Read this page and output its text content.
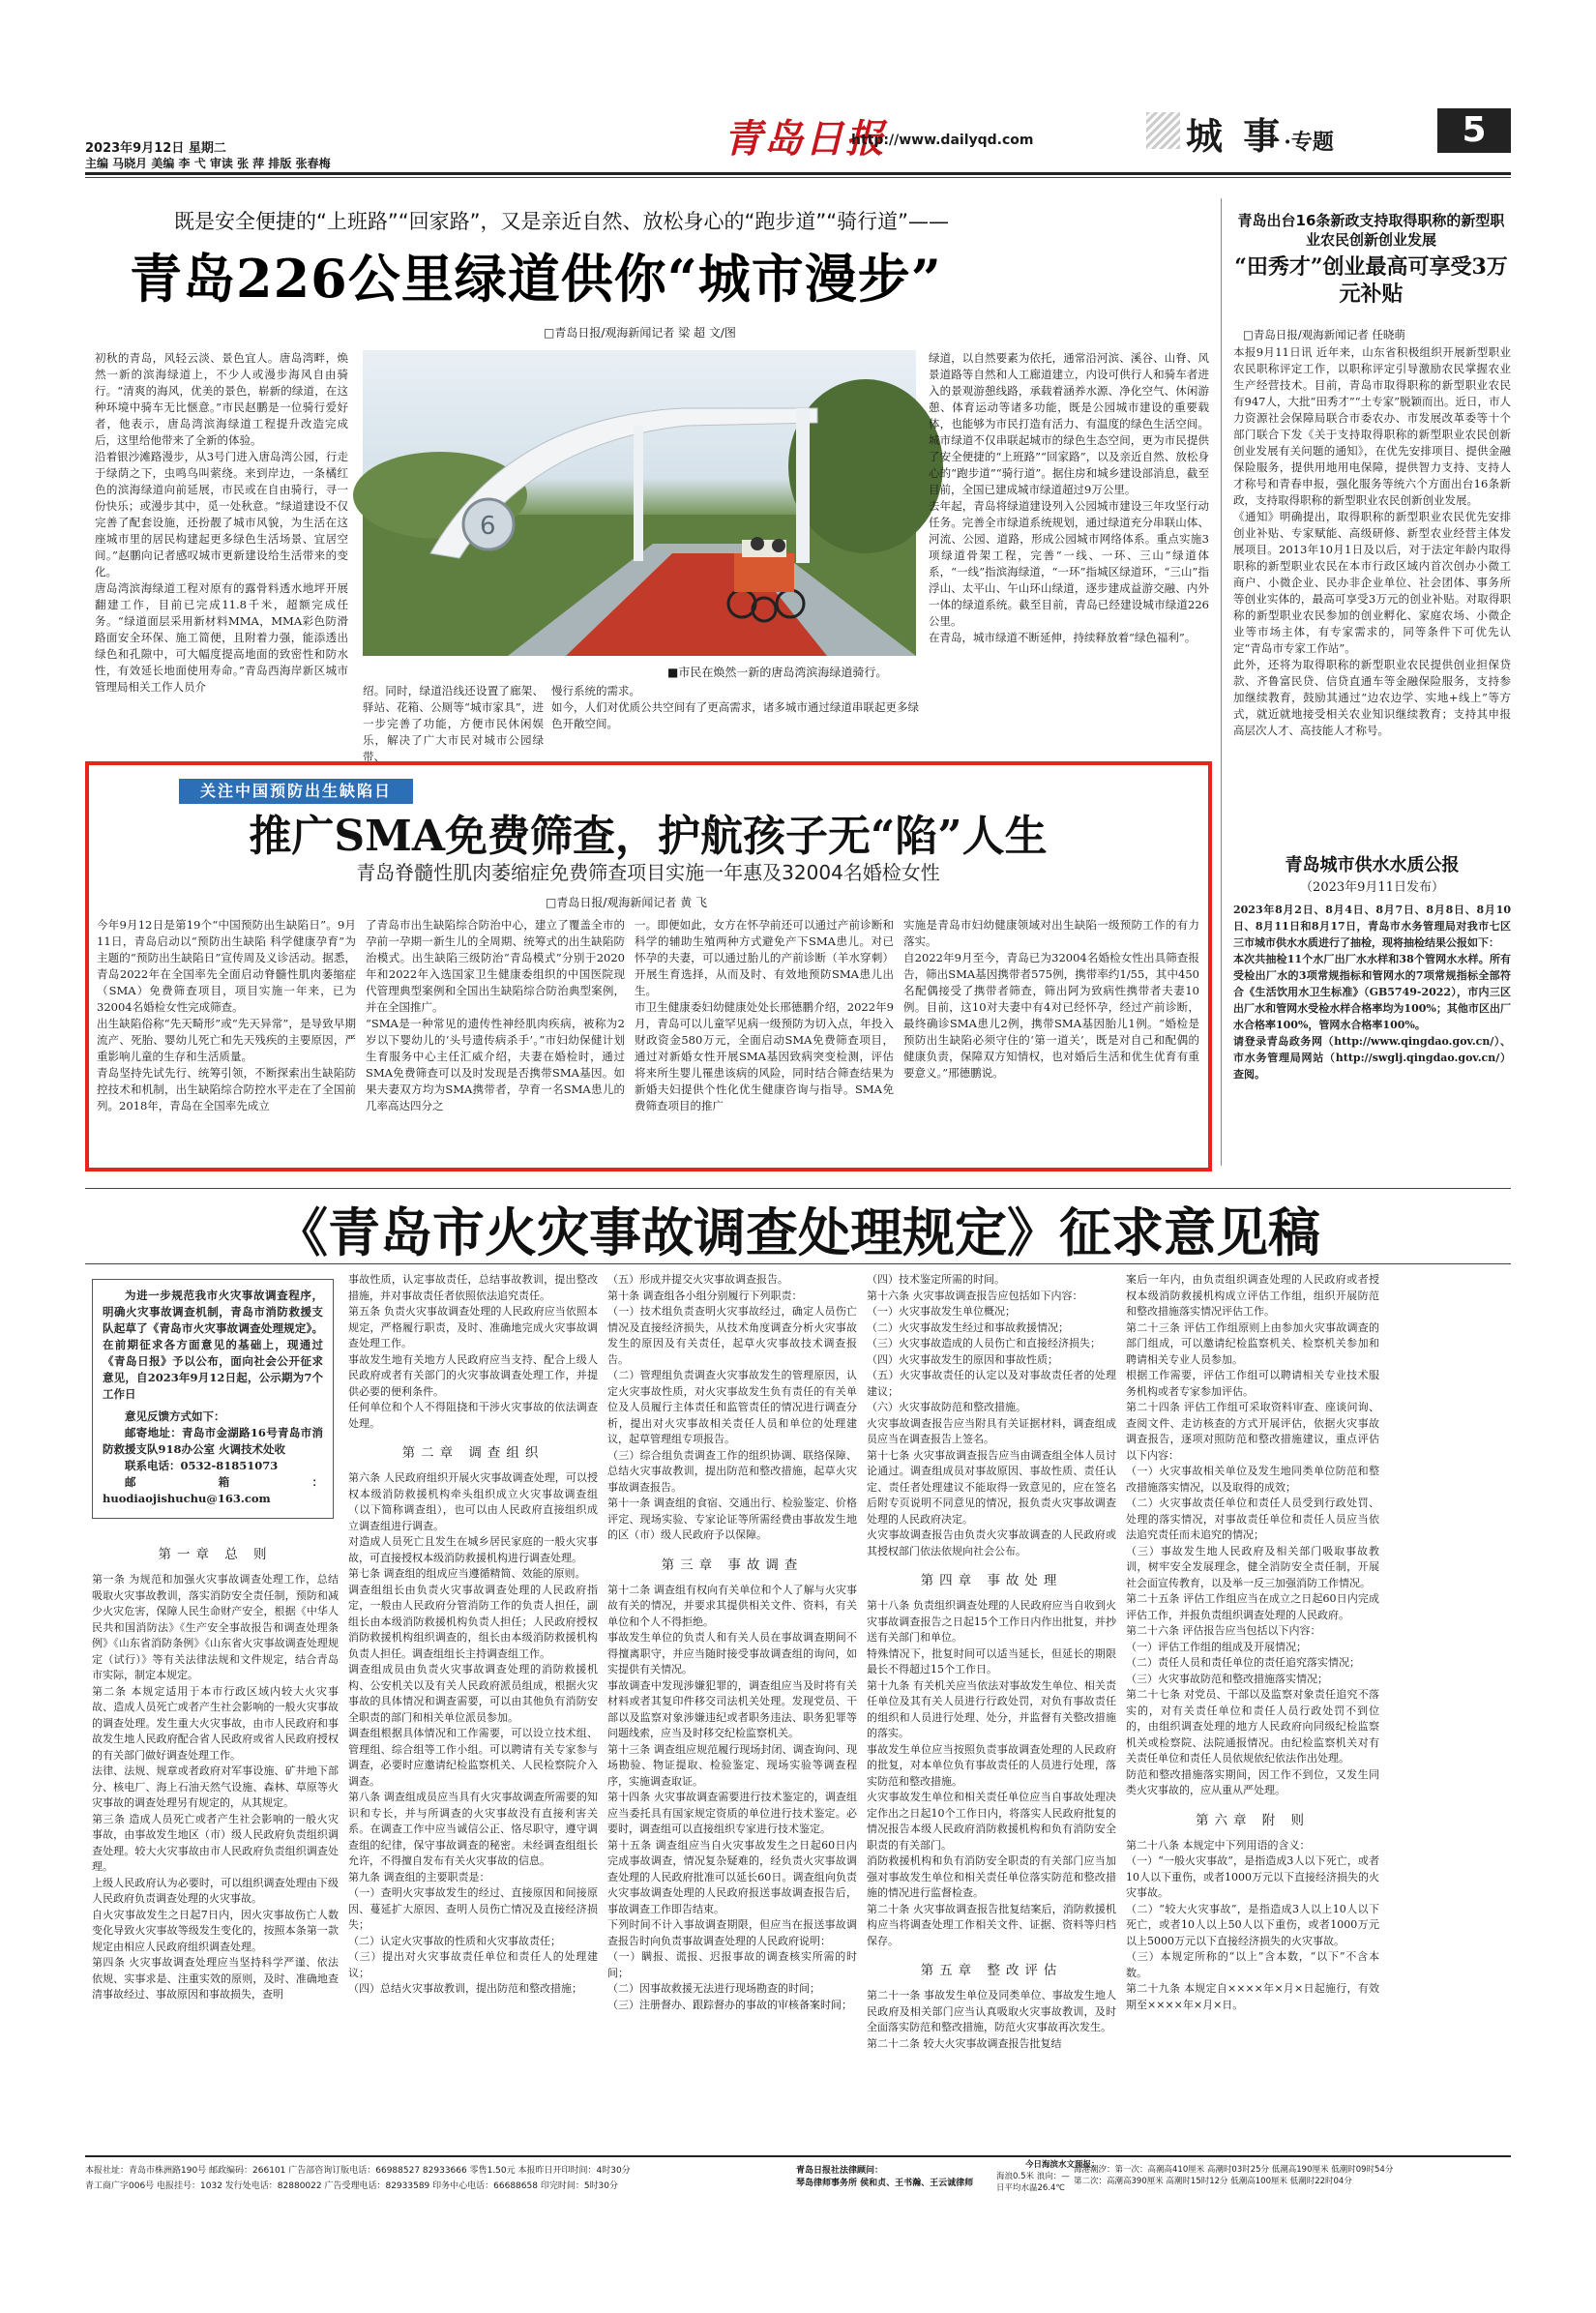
2023年9月12日 星期二
主编 马晓月 美编 李 弋 审读 张 萍 排版 张春梅
青岛日报
http://www.dailyqd.com	城 事·专题	5
既是安全便捷的“上班路”“回家路”，又是亲近自然、放松身心的“跑步道”“骑行道”——
青岛226公里绿道供你“城市漫步”
□青岛日报/观海新闻记者 梁 超 文/图
初秋的青岛，风轻云淡、景色宜人。唐岛湾畔，焕然一新的滨海绿道上，不少人或漫步海风自由骑行。“清爽的海风，优美的景色，崭新的绿道，在这种环境中骑车无比惬意。”市民赵鹏是一位骑行爱好者，他表示，唐岛湾滨海绿道工程提升改造完成后，这里给他带来了全新的体验。
沿着银沙滩路漫步，从3号门进入唐岛湾公园，行走于绿荫之下，虫鸣鸟叫萦绕。来到岸边，一条橘红色的滨海绿道向前延展，市民或在自由骑行，寻一份快乐；或漫步其中，觅一处秋意。“绿道建设不仅完善了配套设施，还扮靓了城市风貌，为生活在这座城市里的居民构建起更多绿色生活场景、宜居空间。”赵鹏向记者感叹城市更新建设给生活带来的变化。
唐岛湾滨海绿道工程对原有的露骨料透水地坪开展翻建工作，目前已完成11.8千米，超额完成任务。“绿道面层采用新材料MMA，MMA彩色防滑路面安全环保、施工简便，且附着力强，能添透出绿色和孔隙中，可大幅度提高地面的致密性和防水性，有效延长地面使用寿命。”青岛西海岸新区城市管理局相关工作人员介
6
■市民在焕然一新的唐岛湾滨海绿道骑行。
绍。同时，绿道沿线还设置了廊架、驿站、花箱、公厕等“城市家具”，进一步完善了功能，方便市民休闲娱乐，解决了广大市民对城市公园绿带、
慢行系统的需求。
如今，人们对优质公共空间有了更高需求，诸多城市通过绿道串联起更多绿色开敞空间。
绿道，以自然要素为依托，通常沿河滨、溪谷、山脊、风景道路等自然和人工廊道建立，内设可供行人和骑车者进入的景观游憩线路，承载着涵养水源、净化空气、休闲游憩、体育运动等诸多功能，既是公园城市建设的重要载体，也能够为市民打造有活力、有温度的绿色生活空间。城市绿道不仅串联起城市的绿色生态空间，更为市民提供了安全便捷的“上班路”“回家路”，以及亲近自然、放松身心的“跑步道”“骑行道”。据住房和城乡建设部消息，截至目前，全国已建成城市绿道超过9万公里。
去年起，青岛将绿道建设列入公园城市建设三年攻坚行动任务。完善全市绿道系统规划，通过绿道充分串联山体、河流、公园、道路，形成公园城市网络体系。重点实施3项绿道骨架工程，完善“一线、一环、三山”绿道体系，“一线”指滨海绿道，“一环”指城区绿道环，“三山”指浮山、太平山、午山环山绿道，逐步建成益游交融、内外一体的绿道系统。截至目前，青岛已经建设城市绿道226公里。
在青岛，城市绿道不断延伸，持续释放着“绿色福利”。
青岛出台16条新政支持取得职称的新型职业农民创新创业发展
“田秀才”创业最高可享受3万元补贴
□青岛日报/观海新闻记者 任晓萌
本报9月11日讯 近年来，山东省积极组织开展新型职业农民职称评定工作，以职称评定引导激励农民掌握农业生产经营技术。目前，青岛市取得职称的新型职业农民有947人，大批“田秀才”“土专家”脱颖而出。近日，市人力资源社会保障局联合市委农办、市发展改革委等十个部门联合下发《关于支持取得职称的新型职业农民创新创业发展有关问题的通知》，在优先安排项目、提供金融保险服务，提供用地用电保障，提供智力支持、支持人才称号和青春申报，强化服务等统六个方面出台16条新政，支持取得职称的新型职业农民创新创业发展。
《通知》明确提出，取得职称的新型职业农民优先安排创业补贴、专家赋能、高级研修、新型农业经营主体发展项目。2013年10月1日及以后，对于法定年龄内取得职称的新型职业农民在本市行政区域内首次创办小微工商户、小微企业、民办非企业单位、社会团体、事务所等创业实体的，最高可享受3万元的创业补贴。对取得职称的新型职业农民参加的创业孵化、家庭农场、小微企业等市场主体，有专家需求的，同等条件下可优先认定“青岛市专家工作站”。
此外，还将为取得职称的新型职业农民提供创业担保贷款、齐鲁富民贷、信贷直通车等金融保险服务，支持参加继续教育，鼓励其通过“边农边学、实地+线上”等方式，就近就地接受相关农业知识继续教育；支持其申报高层次人才、高技能人才称号。
青岛城市供水水质公报
（2023年9月11日发布）
2023年8月2日、8月4日、8月7日、8月8日、8月10日、8月11日和8月17日，青岛市水务管理局对我市七区三市城市供水水质进行了抽检，现将抽检结果公报如下：
本次共抽检11个水厂出厂水水样和38个管网水水样。所有受检出厂水的3项常规指标和管网水的7项常规指标全部符合《生活饮用水卫生标准》（GB5749-2022），市内三区出厂水和管网水受检水样合格率均为100%；其他市区出厂水合格率100%，管网水合格率100%。
请登录青岛政务网（http://www.qingdao.gov.cn/）、市水务管理局网站（http://swglj.qingdao.gov.cn/）查阅。
关注中国预防出生缺陷日
推广SMA免费筛查，护航孩子无“陷”人生
青岛脊髓性肌肉萎缩症免费筛查项目实施一年惠及32004名婚检女性
□青岛日报/观海新闻记者 黄 飞
今年9月12日是第19个“中国预防出生缺陷日”。9月11日，青岛启动以“预防出生缺陷 科学健康孕育”为主题的“预防出生缺陷日”宣传周及义诊活动。据悉，青岛2022年在全国率先全面启动脊髓性肌肉萎缩症（SMA）免费筛查项目，项目实施一年来，已为32004名婚检女性完成筛查。
出生缺陷俗称“先天畸形”或“先天异常”，是导致早期流产、死胎、婴幼儿死亡和先天残疾的主要原因，严重影响儿童的生存和生活质量。
青岛坚持先试先行、统筹引领，不断探索出生缺陷防控技术和机制，出生缺陷综合防控水平走在了全国前列。2018年，青岛在全国率先成立
了青岛市出生缺陷综合防治中心，建立了覆盖全市的孕前一孕期一新生儿的全周期、统筹式的出生缺陷防治模式。出生缺陷三级防治“青岛模式”分别于2020年和2022年入选国家卫生健康委组织的中国医院现代管理典型案例和全国出生缺陷综合防治典型案例，并在全国推广。
“SMA是一种常见的遗传性神经肌肉疾病，被称为2岁以下婴幼儿的‘头号遗传病杀手’。”市妇幼保健计划生育服务中心主任汇威介绍，夫妻在婚检时，通过SMA免费筛查可以及时发现是否携带SMA基因。如果夫妻双方均为SMA携带者，孕育一名SMA患儿的几率高达四分之
一。即便如此，女方在怀孕前还可以通过产前诊断和科学的辅助生殖两种方式避免产下SMA患儿。对已怀孕的夫妻，可以通过胎儿的产前诊断（羊水穿刺）开展生育选择，从而及时、有效地预防SMA患儿出生。
市卫生健康委妇幼健康处处长邢德鹏介绍，2022年9月，青岛可以儿童罕见病一级预防为切入点，年投入财政资金580万元，全面启动SMA免费筛查项目，通过对新婚女性开展SMA基因致病突变检测，评估将来所生婴儿罹患该病的风险，同时结合筛查结果为新婚夫妇提供个性化优生健康咨询与指导。SMA免费筛查项目的推广
实施是青岛市妇幼健康领域对出生缺陷一级预防工作的有力落实。
自2022年9月至今，青岛已为32004名婚检女性出具筛查报告，筛出SMA基因携带者575例，携带率约1/55，其中450名配偶接受了携带者筛查，筛出阿为致病性携带者夫妻10例。目前，这10对夫妻中有4对已经怀孕，经过产前诊断，最终确诊SMA患儿2例，携带SMA基因胎儿1例。“婚检是预防出生缺陷必须守住的‘第一道关’，既是对自己和配偶的健康负责，保障双方知情权，也对婚后生活和优生优育有重要意义。”邢德鹏说。
《青岛市火灾事故调查处理规定》征求意见稿
为进一步规范我市火灾事故调查程序，明确火灾事故调查机制，青岛市消防救援支队起草了《青岛市火灾事故调查处理规定》。在前期征求各方面意见的基础上，现通过《青岛日报》予以公布，面向社会公开征求意见，自2023年9月12日起，公示期为7个工作日
意见反馈方式如下：
邮寄地址：青岛市金湖路16号青岛市消防救援支队918办公室 火调技术处收
联系电话：0532-81851073
邮箱：huodiaojishuchu@163.com
第一章 总 则
第一条 为规范和加强火灾事故调查处理工作，总结吸取火灾事故教训，落实消防安全责任制，预防和减少火灾危害，保障人民生命财产安全，根据《中华人民共和国消防法》《生产安全事故报告和调查处理条例》《山东省消防条例》《山东省火灾事故调查处理规定（试行）》等有关法律法规和文件规定，结合青岛市实际，制定本规定。
第二条 本规定适用于本市行政区域内较大火灾事故、造成人员死亡或者产生社会影响的一般火灾事故的调查处理。发生重大火灾事故，由市人民政府和事故发生地人民政府配合省人民政府或省人民政府授权的有关部门做好调查处理工作。
法律、法规、规章或者政府对军事设施、矿井地下部分、核电厂、海上石油天然气设施、森林、草原等火灾事故的调查处理另有规定的，从其规定。
第三条 造成人员死亡或者产生社会影响的一般火灾事故，由事故发生地区（市）级人民政府负责组织调查处理。较大火灾事故由市人民政府负责组织调查处理。
上级人民政府认为必要时，可以组织调查处理由下级人民政府负责调查处理的火灾事故。
自火灾事故发生之日起7日内，因火灾事故伤亡人数变化导致火灾事故等级发生变化的，按照本条第一款规定由相应人民政府组织调查处理。
第四条 火灾事故调查处理应当坚持科学严谨、依法依规、实事求是、注重实效的原则，及时、准确地查清事故经过、事故原因和事故损失，查明
事故性质，认定事故责任，总结事故教训，提出整改措施，并对事故责任者依照依法追究责任。
第五条 负责火灾事故调查处理的人民政府应当依照本规定，严格履行职责，及时、准确地完成火灾事故调查处理工作。
事故发生地有关地方人民政府应当支持、配合上级人民政府或者有关部门的火灾事故调查处理工作，并提供必要的便利条件。
任何单位和个人不得阻挠和干涉火灾事故的依法调查处理。
第二章 调查组织
第六条 人民政府组织开展火灾事故调查处理，可以授权本级消防救援机构牵头组织成立火灾事故调查组（以下简称调查组），也可以由人民政府直接组织成立调查组进行调查。
对造成人员死亡且发生在城乡居民家庭的一般火灾事故，可直接授权本级消防救援机构进行调查处理。
第七条 调查组的组成应当遵循精简、效能的原则。
调查组组长由负责火灾事故调查处理的人民政府指定，一般由人民政府分管消防工作的负责人担任，副组长由本级消防救援机构负责人担任；人民政府授权消防救援机构组织调查的，组长由本级消防救援机构负责人担任。调查组组长主持调查组工作。
调查组成员由负责火灾事故调查处理的消防救援机构、公安机关以及有关人民政府派员组成，根据火灾事故的具体情况和调查需要，可以由其他负有消防安全职责的部门和相关单位派员参加。
调查组根据具体情况和工作需要，可以设立技术组、管理组、综合组等工作小组。可以聘请有关专家参与调查，必要时应邀请纪检监察机关、人民检察院介入调查。
第八条 调查组成员应当具有火灾事故调查所需要的知识和专长，并与所调查的火灾事故没有直接利害关系。在调查工作中应当诚信公正、恪尽职守，遵守调查组的纪律，保守事故调查的秘密。未经调查组组长允许，不得擅自发布有关火灾事故的信息。
第九条 调查组的主要职责是：
（一）查明火灾事故发生的经过、直接原因和间接原因、蔓延扩大原因、查明人员伤亡情况及直接经济损失；
（二）认定火灾事故的性质和火灾事故责任；
（三）提出对火灾事故责任单位和责任人的处理建议；
（四）总结火灾事故教训，提出防范和整改措施；
（五）形成并提交火灾事故调查报告。
第十条 调查组各小组分别履行下列职责：
（一）技术组负责查明火灾事故经过，确定人员伤亡情况及直接经济损失，从技术角度调查分析火灾事故发生的原因及有关责任，起草火灾事故技术调查报告。
（二）管理组负责调查火灾事故发生的管理原因，认定火灾事故性质，对火灾事故发生负有责任的有关单位及人员履行主体责任和监管责任的情况进行调查分析，提出对火灾事故相关责任人员和单位的处理建议，起草管理组专项报告。
（三）综合组负责调查工作的组织协调、联络保障、总结火灾事故教训，提出防范和整改措施，起草火灾事故调查报告。
第十一条 调查组的食宿、交通出行、检验鉴定、价格评定、现场实验、专家论证等所需经费由事故发生地的区（市）级人民政府予以保障。
第三章 事故调查
第十二条 调查组有权向有关单位和个人了解与火灾事故有关的情况，并要求其提供相关文件、资料，有关单位和个人不得拒绝。
事故发生单位的负责人和有关人员在事故调查期间不得擅离职守，并应当随时接受事故调查组的询问，如实提供有关情况。
事故调查中发现涉嫌犯罪的，调查组应当及时将有关材料或者其复印件移交司法机关处理。发现党员、干部以及监察对象涉嫌违纪或者职务违法、职务犯罪等问题线索，应当及时移交纪检监察机关。
第十三条 调查组应规范履行现场封闭、调查询问、现场勘验、物证提取、检验鉴定、现场实验等调查程序，实施调查取证。
第十四条 火灾事故调查需要进行技术鉴定的，调查组应当委托具有国家规定资质的单位进行技术鉴定。必要时，调查组可以直接组织专家进行技术鉴定。
第十五条 调查组应当自火灾事故发生之日起60日内完成事故调查，情况复杂疑难的，经负责火灾事故调查处理的人民政府批准可以延长60日。调查组向负责火灾事故调查处理的人民政府报送事故调查报告后，事故调查工作即告结束。
下列时间不计入事故调查期限，但应当在报送事故调查报告时向负责事故调查处理的人民政府说明：
（一）瞒报、谎报、迟报事故的调查核实所需的时间；
（二）因事故救援无法进行现场勘查的时间；
（三）注册督办、跟踪督办的事故的审核备案时间；
（四）技术鉴定所需的时间。
第十六条 火灾事故调查报告应包括如下内容：
（一）火灾事故发生单位概况；
（二）火灾事故发生经过和事故救援情况；
（三）火灾事故造成的人员伤亡和直接经济损失；
（四）火灾事故发生的原因和事故性质；
（五）火灾事故责任的认定以及对事故责任者的处理建议；
（六）火灾事故防范和整改措施。
火灾事故调查报告应当附具有关证据材料，调查组成员应当在调查报告上签名。
第十七条 火灾事故调查报告应当由调查组全体人员讨论通过。调查组成员对事故原因、事故性质、责任认定、责任者处理建议不能取得一致意见的，应在签名后附专页说明不同意见的情况，报负责火灾事故调查处理的人民政府决定。
火灾事故调查报告由负责火灾事故调查的人民政府或其授权部门依法依规向社会公布。
第四章 事故处理
第十八条 负责组织调查处理的人民政府应当自收到火灾事故调查报告之日起15个工作日内作出批复，并抄送有关部门和单位。
特殊情况下，批复时间可以适当延长，但延长的期限最长不得超过15个工作日。
第十九条 有关机关应当依法对事故发生单位、相关责任单位及其有关人员进行行政处罚，对负有事故责任的组织和人员进行处理、处分，并监督有关整改措施的落实。
事故发生单位应当按照负责事故调查处理的人民政府的批复，对本单位负有事故责任的人员进行处理，落实防范和整改措施。
火灾事故发生单位和相关责任单位应当自事故处理决定作出之日起10个工作日内，将落实人民政府批复的情况报告本级人民政府消防救援机构和负有消防安全职责的有关部门。
消防救援机构和负有消防安全职责的有关部门应当加强对事故发生单位和相关责任单位落实防范和整改措施的情况进行监督检查。
第二十条 火灾事故调查报告批复结案后，消防救援机构应当将调查处理工作相关文件、证据、资料等归档保存。
第五章 整改评估
第二十一条 事故发生单位及同类单位、事故发生地人民政府及相关部门应当认真吸取火灾事故教训，及时全面落实防范和整改措施，防范火灾事故再次发生。
第二十二条 较大火灾事故调查报告批复结
案后一年内，由负责组织调查处理的人民政府或者授权本级消防救援机构成立评估工作组，组织开展防范和整改措施落实情况评估工作。
第二十三条 评估工作组原则上由参加火灾事故调查的部门组成，可以邀请纪检监察机关、检察机关参加和聘请相关专业人员参加。
根据工作需要，评估工作组可以聘请相关专业技术服务机构或者专家参加评估。
第二十四条 评估工作组可采取资料审查、座谈问询、查阅文件、走访核查的方式开展评估，依据火灾事故调查报告，逐项对照防范和整改措施建议，重点评估以下内容：
（一）火灾事故相关单位及发生地同类单位防范和整改措施落实情况，以及取得的成效；
（二）火灾事故责任单位和责任人员受到行政处罚、处理的落实情况，对事故责任单位和责任人员应当依法追究责任而未追究的情况；
（三）事故发生地人民政府及相关部门吸取事故教训，树牢安全发展理念，健全消防安全责任制，开展社会面宣传教育，以及举一反三加强消防工作情况。
第二十五条 评估工作组应当在成立之日起60日内完成评估工作，并报负责组织调查处理的人民政府。
第二十六条 评估报告应当包括以下内容：
（一）评估工作组的组成及开展情况；
（二）责任人员和责任单位的责任追究落实情况；
（三）火灾事故防范和整改措施落实情况；
第二十七条 对党员、干部以及监察对象责任追究不落实的，对有关责任单位和责任人员行政处罚不到位的，由组织调查处理的地方人民政府向同级纪检监察机关或检察院、法院通报情况。由纪检监察机关对有关责任单位和责任人员依规依纪依法作出处理。
防范和整改措施落实期间，因工作不到位，又发生同类火灾事故的，应从重从严处理。
第六章 附 则
第二十八条 本规定中下列用语的含义：
（一）“一般火灾事故”，是指造成3人以下死亡，或者10人以下重伤，或者1000万元以下直接经济损失的火灾事故。
（二）“较大火灾事故”，是指造成3人以上10人以下死亡，或者10人以上50人以下重伤，或者1000万元以上5000万元以下直接经济损失的火灾事故。
（三）本规定所称的“以上”含本数，“以下”不含本数。
第二十九条 本规定自××××年×月×日起施行，有效期至××××年×月×日。
本报社址：青岛市株洲路190号 邮政编码：266101 广告部咨询订版电话：66988527 82933666 零售1.50元 本报昨日开印时间：4时30分
青工商广字006号 电报挂号：1032 发行处电话：82880022 广告受理电话：82933589 印务中心电话：66688658 印完时间：5时30分
青岛日报社法律顾问：
琴岛律师事务所 侯和贞、王书瀚、王云诚律师
今日海滨水文预报：
海浪0.5米 浪向：—
日平均水温26.4℃
海港潮汐：第一次：高潮高410厘米 高潮时03时25分 低潮高190厘米 低潮时09时54分
第二次：高潮高390厘米 高潮时15时12分 低潮高100厘米 低潮时22时04分
